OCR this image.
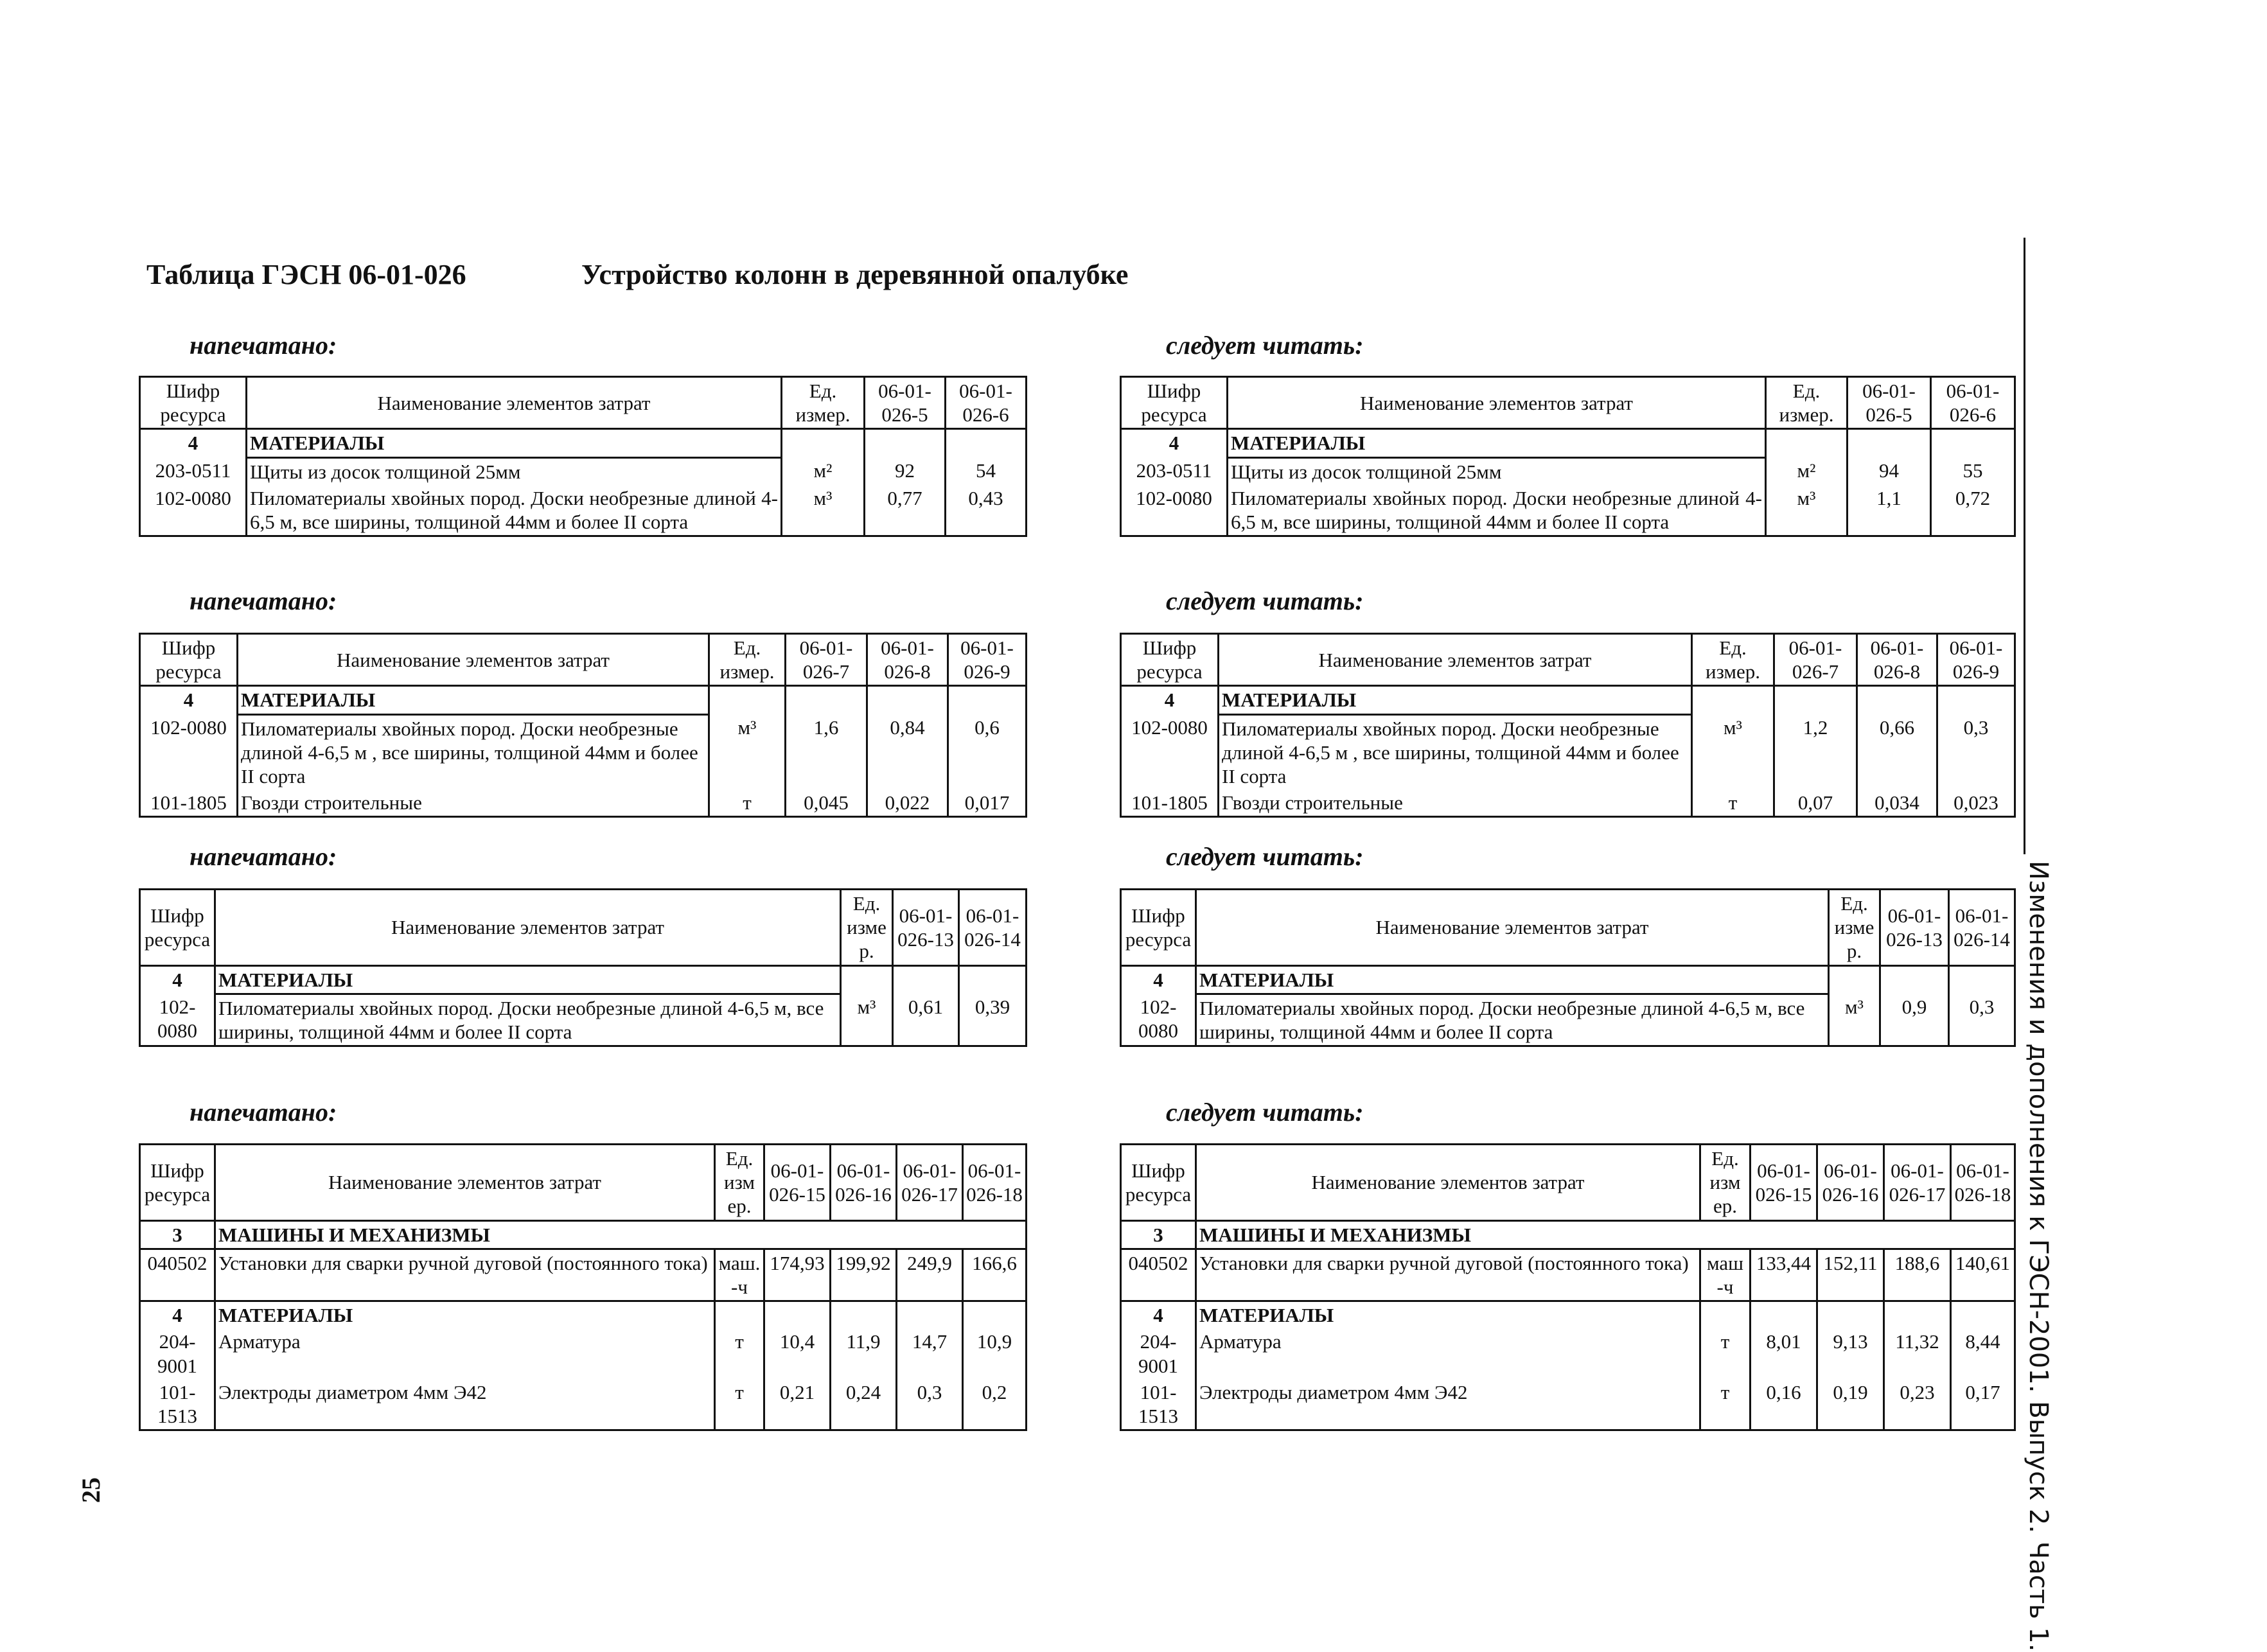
Таблица ГЭСН 06-01-026	Устройство колонн в деревянной опалубке
напечатано:	следует читать:
Шифр ресурса	Наименование элементов затрат	Ед. измер.	06-01-026-5	06-01-026-6
4	МАТЕРИАЛЫ			
203-0511	Щиты из досок толщиной 25мм	м²	92	54
102-0080	Пиломатериалы хвойных пород. Доски необрезные длиной 4-6,5 м, все ширины, толщиной 44мм и более II сорта	м³	0,77	0,43
Шифр ресурса	Наименование элементов затрат	Ед. измер.	06-01-026-5	06-01-026-6
4	МАТЕРИАЛЫ			
203-0511	Щиты из досок толщиной 25мм	м²	94	55
102-0080	Пиломатериалы хвойных пород. Доски необрезные длиной 4-6,5 м, все ширины, толщиной 44мм и более II сорта	м³	1,1	0,72
напечатано:	следует читать:
Шифр ресурса	Наименование элементов затрат	Ед. измер.	06-01-026-7	06-01-026-8	06-01-026-9
4	МАТЕРИАЛЫ				
102-0080	Пиломатериалы хвойных пород. Доски необрезные длиной 4-6,5 м , все ширины, толщиной 44мм и более II сорта	м³	1,6	0,84	0,6
101-1805	Гвозди строительные	т	0,045	0,022	0,017
Шифр ресурса	Наименование элементов затрат	Ед. измер.	06-01-026-7	06-01-026-8	06-01-026-9
4	МАТЕРИАЛЫ				
102-0080	Пиломатериалы хвойных пород. Доски необрезные длиной 4-6,5 м , все ширины, толщиной 44мм и более II сорта	м³	1,2	0,66	0,3
101-1805	Гвозди строительные	т	0,07	0,034	0,023
напечатано:	следует читать:
Шифр ресурса	Наименование элементов затрат	Ед. измер.	06-01-026-13	06-01-026-14
4	МАТЕРИАЛЫ			
102-0080	Пиломатериалы хвойных пород. Доски необрезные длиной 4-6,5 м, все ширины, толщиной 44мм и более II сорта	м³	0,61	0,39
Шифр ресурса	Наименование элементов затрат	Ед. измер.	06-01-026-13	06-01-026-14
4	МАТЕРИАЛЫ			
102-0080	Пиломатериалы хвойных пород. Доски необрезные длиной 4-6,5 м, все ширины, толщиной 44мм и более II сорта	м³	0,9	0,3
напечатано:	следует читать:
Шифр ресурса	Наименование элементов затрат	Ед. изм ер.	06-01-026-15	06-01-026-16	06-01-026-17	06-01-026-18
3	МАШИНЫ И МЕХАНИЗМЫ					
040502	Установки для сварки ручной дуговой (постоянного тока)	маш.-ч	174,93	199,92	249,9	166,6
4	МАТЕРИАЛЫ					
204-9001	Арматура	т	10,4	11,9	14,7	10,9
101-1513	Электроды диаметром 4мм Э42	т	0,21	0,24	0,3	0,2
Шифр ресурса	Наименование элементов затрат	Ед. изм ер.	06-01-026-15	06-01-026-16	06-01-026-17	06-01-026-18
3	МАШИНЫ И МЕХАНИЗМЫ					
040502	Установки для сварки ручной дуговой (постоянного тока)	маш-ч	133,44	152,11	188,6	140,61
4	МАТЕРИАЛЫ					
204-9001	Арматура	т	8,01	9,13	11,32	8,44
101-1513	Электроды диаметром 4мм Э42	т	0,16	0,19	0,23	0,17 Изменения и дополнения к ГЭСН-2001. Выпуск 2. Часть 1.
25
